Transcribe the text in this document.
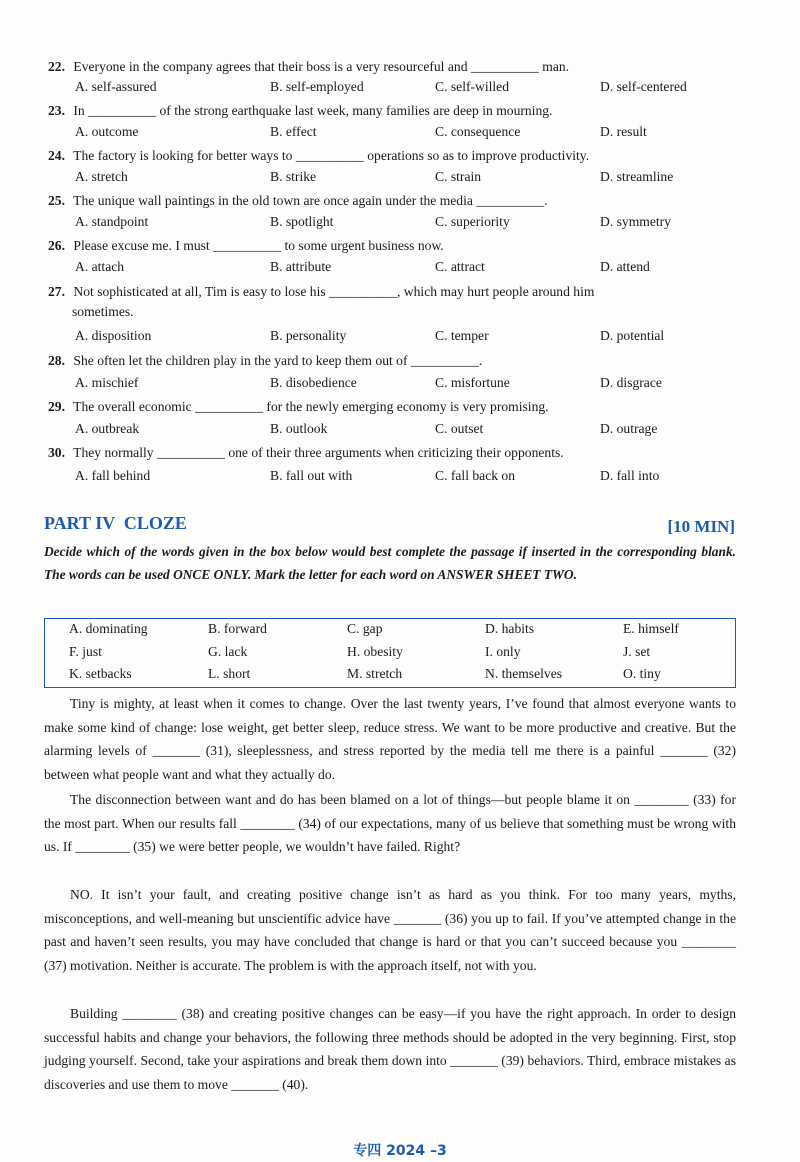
22. Everyone in the company agrees that their boss is a very resourceful and __________ man.
A. self-assured	B. self-employed	C. self-willed	D. self-centered
23. In __________ of the strong earthquake last week, many families are deep in mourning.
A. outcome	B. effect	C. consequence	D. result
24. The factory is looking for better ways to __________ operations so as to improve productivity.
A. stretch	B. strike	C. strain	D. streamline
25. The unique wall paintings in the old town are once again under the media __________.
A. standpoint	B. spotlight	C. superiority	D. symmetry
26. Please excuse me. I must __________ to some urgent business now.
A. attach	B. attribute	C. attract	D. attend
27. Not sophisticated at all, Tim is easy to lose his __________, which may hurt people around him
sometimes.
A. disposition	B. personality	C. temper	D. potential
28. She often let the children play in the yard to keep them out of __________.
A. mischief	B. disobedience	C. misfortune	D. disgrace
29. The overall economic __________ for the newly emerging economy is very promising.
A. outbreak	B. outlook	C. outset	D. outrage
30. They normally __________ one of their three arguments when criticizing their opponents.
A. fall behind	B. fall out with	C. fall back on	D. fall into
PART IV  CLOZE	[10 MIN]
Decide which of the words given in the box below would best complete the passage if inserted in the corresponding blank. The words can be used ONCE ONLY. Mark the letter for each word on ANSWER SHEET TWO.
A. dominating	B. forward	C. gap	D. habits	E. himself
F. just	G. lack	H. obesity	I. only	J. set
K. setbacks	L. short	M. stretch	N. themselves	O. tiny
Tiny is mighty, at least when it comes to change. Over the last twenty years, I’ve found that almost everyone wants to make some kind of change: lose weight, get better sleep, reduce stress. We want to be more productive and creative. But the alarming levels of _______ (31), sleeplessness, and stress reported by the media tell me there is a painful _______ (32) between what people want and what they actually do.
The disconnection between want and do has been blamed on a lot of things—but people blame it on ________ (33) for the most part. When our results fall ________ (34) of our expectations, many of us believe that something must be wrong with us. If ________ (35) we were better people, we wouldn’t have failed. Right?
NO. It isn’t your fault, and creating positive change isn’t as hard as you think. For too many years, myths, misconceptions, and well-meaning but unscientific advice have _______ (36) you up to fail. If you’ve attempted change in the past and haven’t seen results, you may have concluded that change is hard or that you can’t succeed because you ________ (37) motivation. Neither is accurate. The problem is with the approach itself, not with you.
Building ________ (38) and creating positive changes can be easy—if you have the right approach. In order to design successful habits and change your behaviors, the following three methods should be adopted in the very beginning. First, stop judging yourself. Second, take your aspirations and break them down into _______ (39) behaviors. Third, embrace mistakes as discoveries and use them to move _______ (40).
专四 2024 –3
